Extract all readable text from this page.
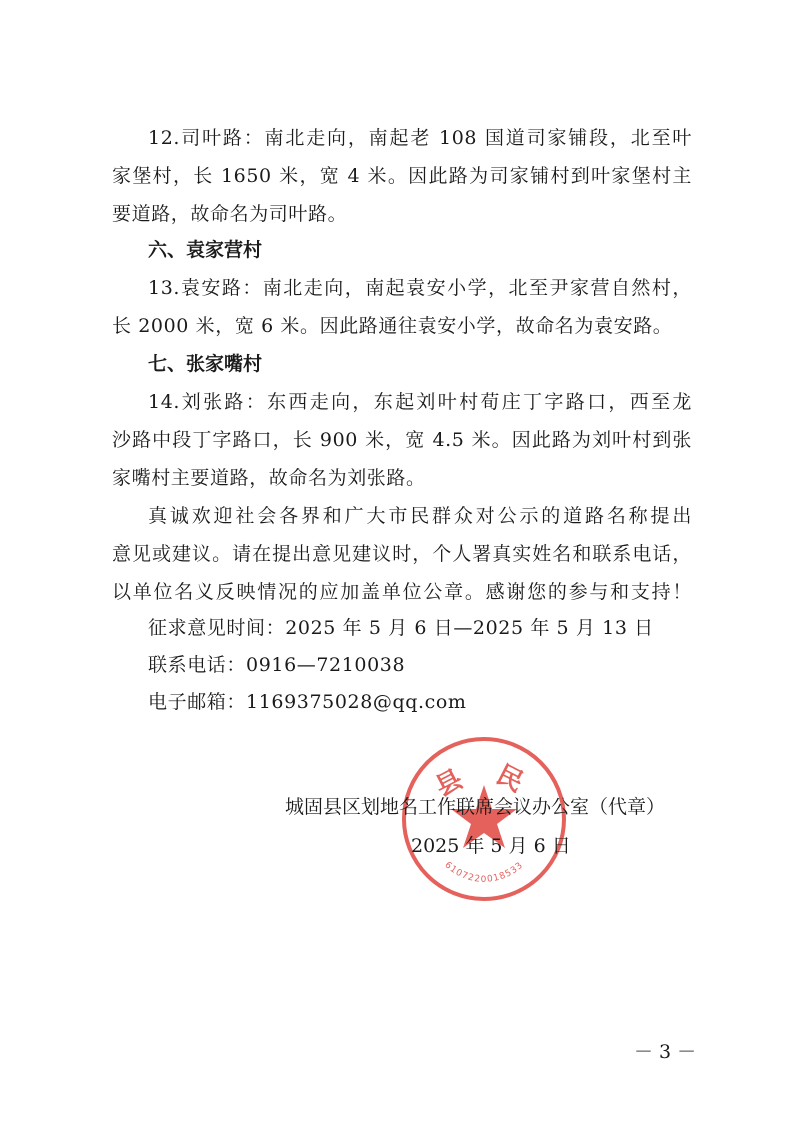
12.司叶路：南北走向，南起老 108 国道司家铺段，北至叶
家堡村，长 1650 米，宽 4 米。因此路为司家铺村到叶家堡村主
要道路，故命名为司叶路。
六、袁家营村
13.袁安路：南北走向，南起袁安小学，北至尹家营自然村，
长 2000 米，宽 6 米。因此路通往袁安小学，故命名为袁安路。
七、张家嘴村
14.刘张路：东西走向，东起刘叶村荀庄丁字路口，西至龙
沙路中段丁字路口，长 900 米，宽 4.5 米。因此路为刘叶村到张
家嘴村主要道路，故命名为刘张路。
真诚欢迎社会各界和广大市民群众对公示的道路名称提出
意见或建议。请在提出意见建议时，个人署真实姓名和联系电话，
以单位名义反映情况的应加盖单位公章。感谢您的参与和支持！
征求意见时间：2025 年 5 月 6 日—2025 年 5 月 13 日
联系电话：0916—7210038
电子邮箱：1169375028@qq.com
县 民
6107220018533
城固县区划地名工作联席会议办公室（代章）
2025 年 5 月 6 日
－ 3 －
